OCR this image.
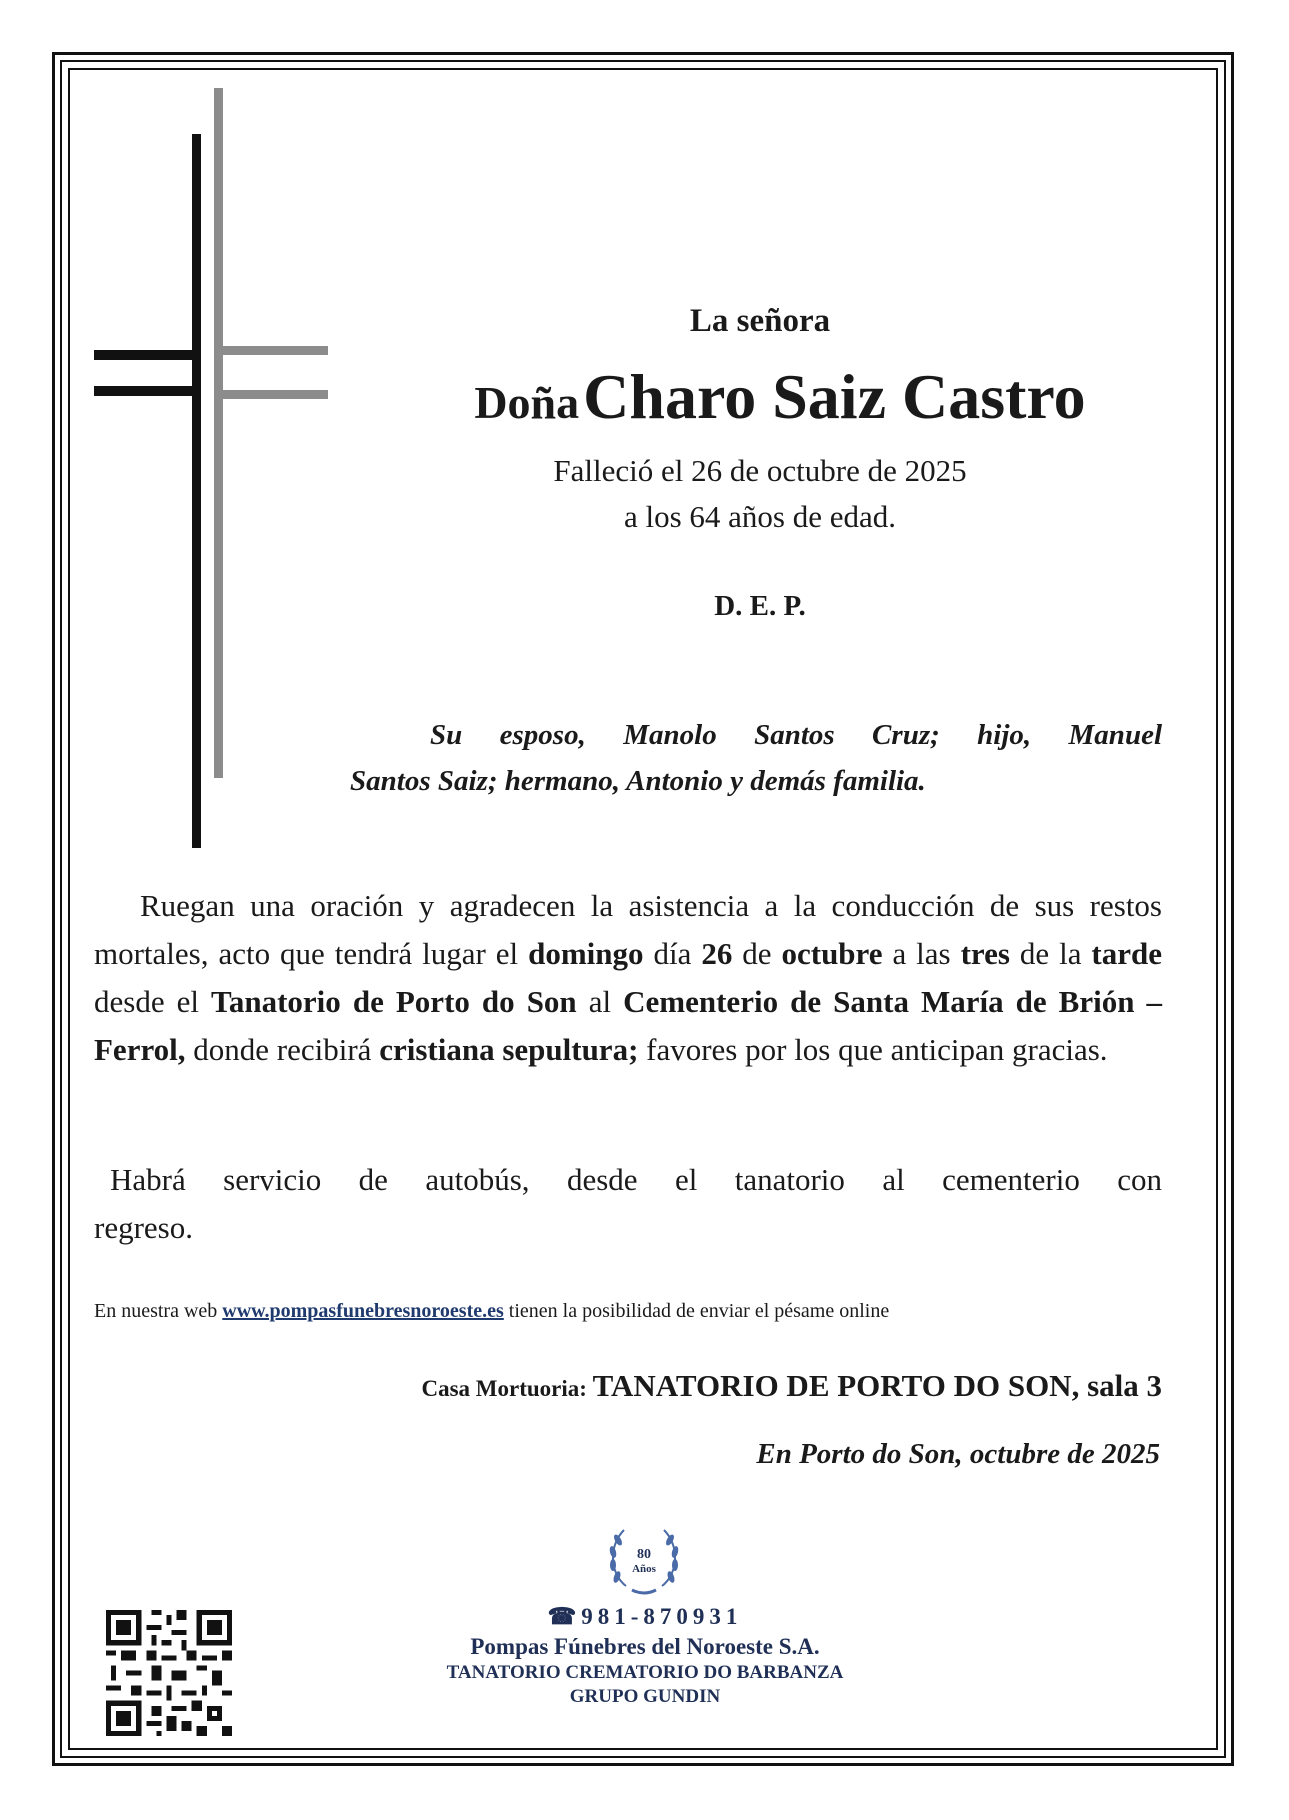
La señora
Doña Charo Saiz Castro
Falleció el 26 de octubre de 2025
a los 64 años de edad.
D. E. P.
Su esposo, Manolo Santos Cruz; hijo, Manuel
Santos Saiz; hermano, Antonio y demás familia.
Ruegan una oración y agradecen la asistencia a la conducción de sus restos mortales, acto que tendrá lugar el domingo día 26 de octubre a las tres de la tarde desde el Tanatorio de Porto do Son al Cementerio de Santa María de Brión – Ferrol, donde recibirá cristiana sepultura; favores por los que anticipan gracias.
Habrá servicio de autobús, desde el tanatorio al cementerio con
regreso.
En nuestra web www.pompasfunebresnoroeste.es tienen la posibilidad de enviar el pésame online
Casa Mortuoria: TANATORIO DE PORTO DO SON, sala 3
En Porto do Son, octubre de 2025
80
Años
☎981-870931
Pompas Fúnebres del Noroeste S.A.
TANATORIO CREMATORIO DO BARBANZA
GRUPO GUNDIN
